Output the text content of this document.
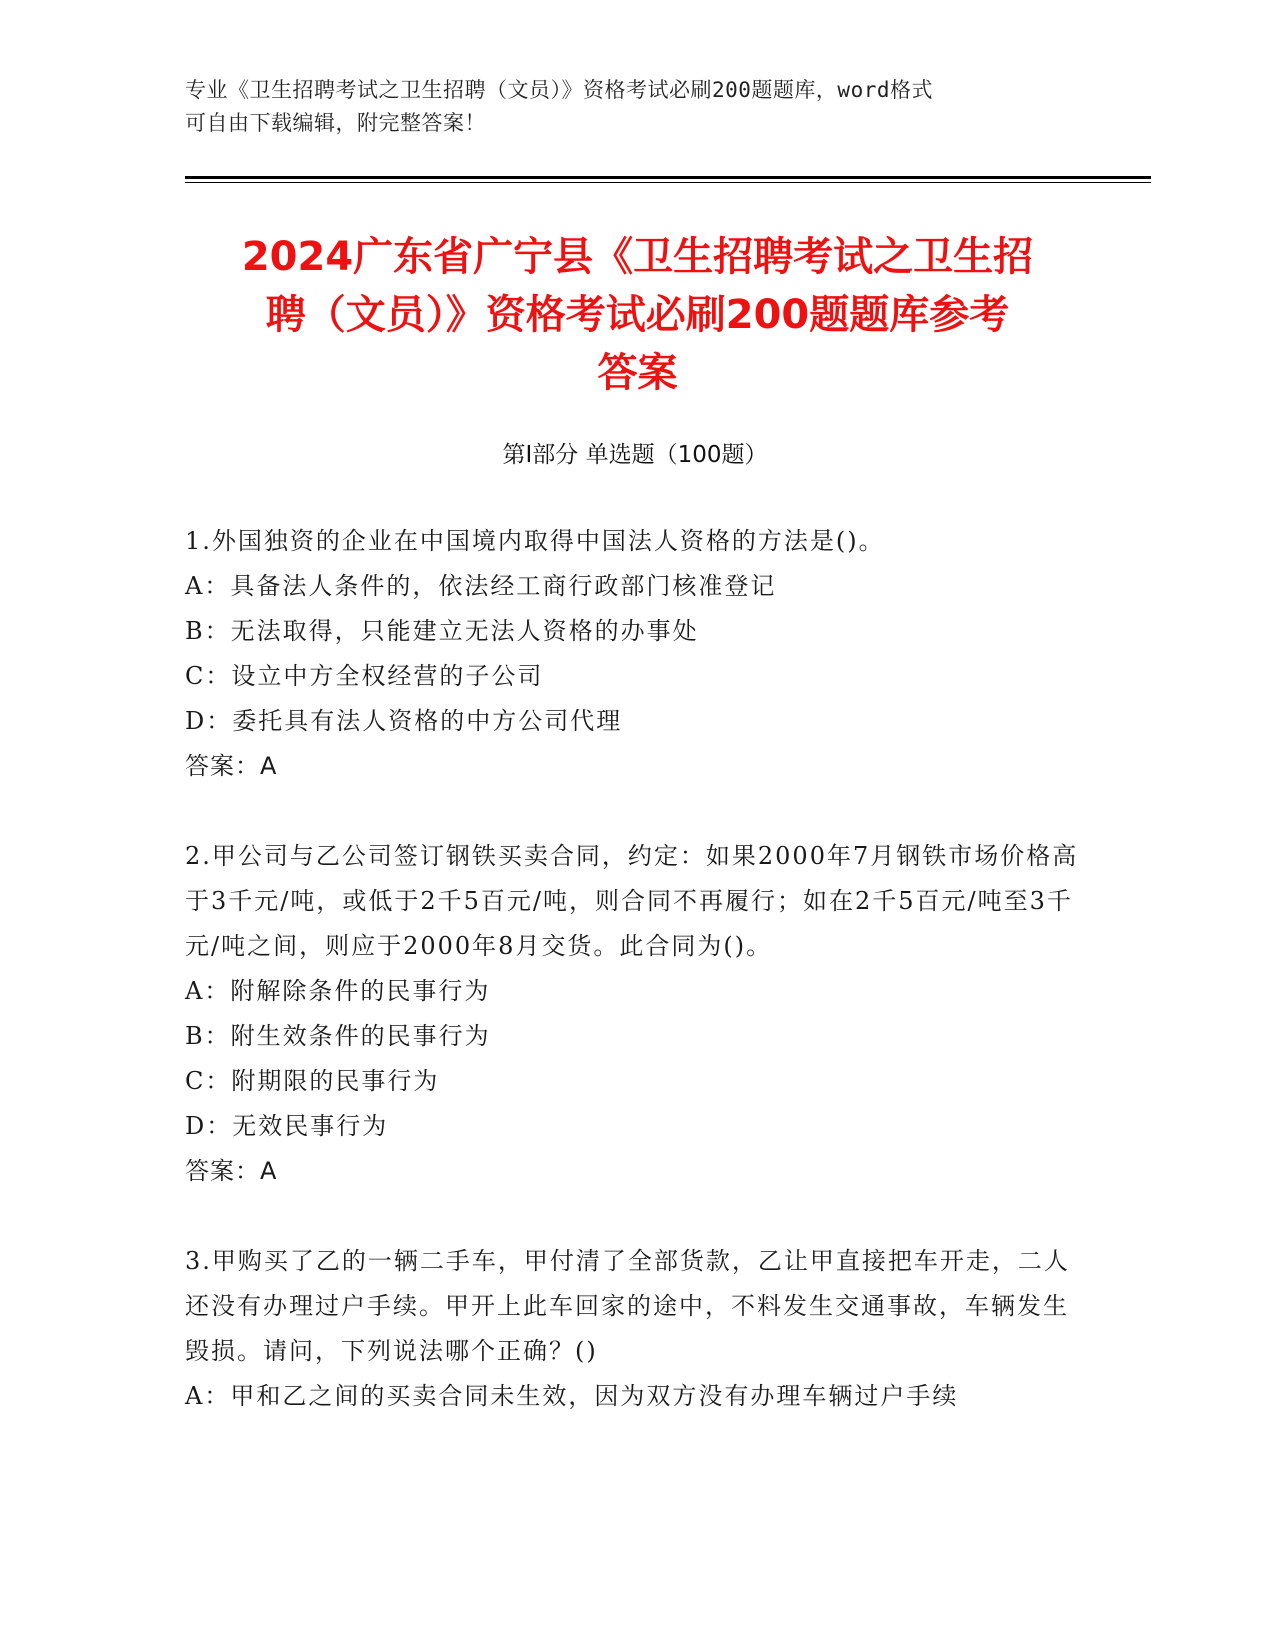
专业《卫生招聘考试之卫生招聘（文员）》资格考试必刷200题题库，word格式
可自由下载编辑，附完整答案！
2024广东省广宁县《卫生招聘考试之卫生招
聘（文员）》资格考试必刷200题题库参考
答案
第Ⅰ部分 单选题（100题）

1.外国独资的企业在中国境内取得中国法人资格的方法是()。

A：具备法人条件的，依法经工商行政部门核准登记

B：无法取得，只能建立无法人资格的办事处

C：设立中方全权经营的子公司

D：委托具有法人资格的中方公司代理

答案：A

2.甲公司与乙公司签订钢铁买卖合同，约定：如果2000年7月钢铁市场价格高于3千元/吨，或低于2千5百元/吨，则合同不再履行；如在2千5百元/吨至3千元/吨之间，则应于2000年8月交货。此合同为()。

A：附解除条件的民事行为

B：附生效条件的民事行为

C：附期限的民事行为

D：无效民事行为

答案：A

3.甲购买了乙的一辆二手车，甲付清了全部货款，乙让甲直接把车开走，二人还没有办理过户手续。甲开上此车回家的途中，不料发生交通事故，车辆发生毁损。请问，下列说法哪个正确？()

A：甲和乙之间的买卖合同未生效，因为双方没有办理车辆过户手续
